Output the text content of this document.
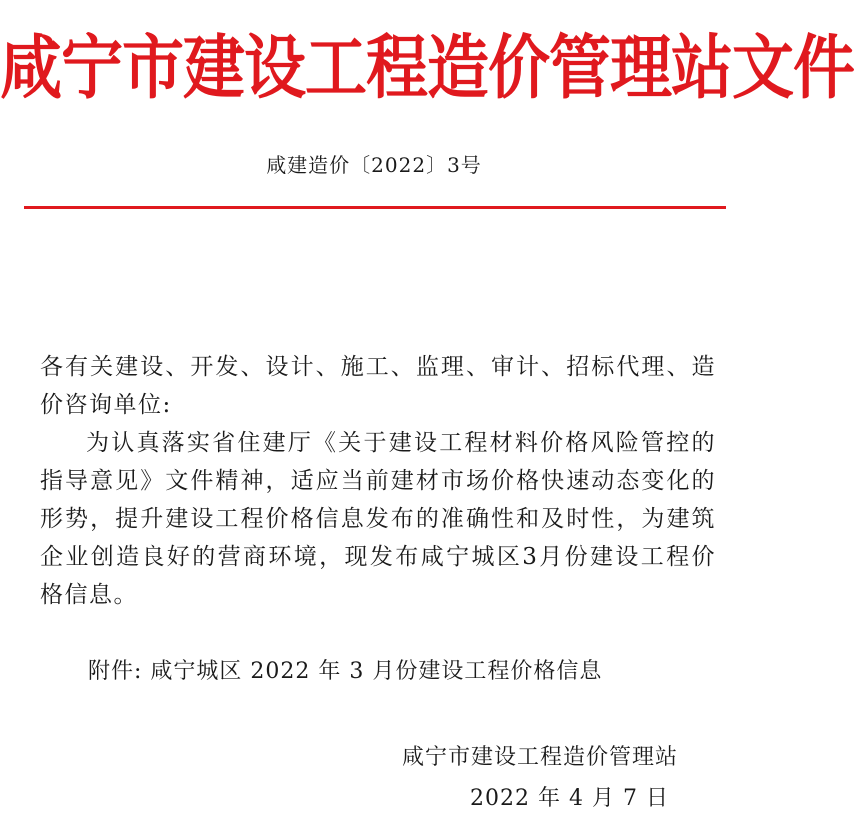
咸宁市建设工程造价管理站文件
咸建造价〔2022〕3号

各有关建设、开发、设计、施工、监理、审计、招标代理、造价咨询单位:

为认真落实省住建厅《关于建设工程材料价格风险管控的指导意见》文件精神，适应当前建材市场价格快速动态变化的形势，提升建设工程价格信息发布的准确性和及时性，为建筑企业创造良好的营商环境，现发布咸宁城区3月份建设工程价格信息。

附件: 咸宁城区 2022 年 3 月份建设工程价格信息
咸宁市建设工程造价管理站
2022 年 4 月 7 日
